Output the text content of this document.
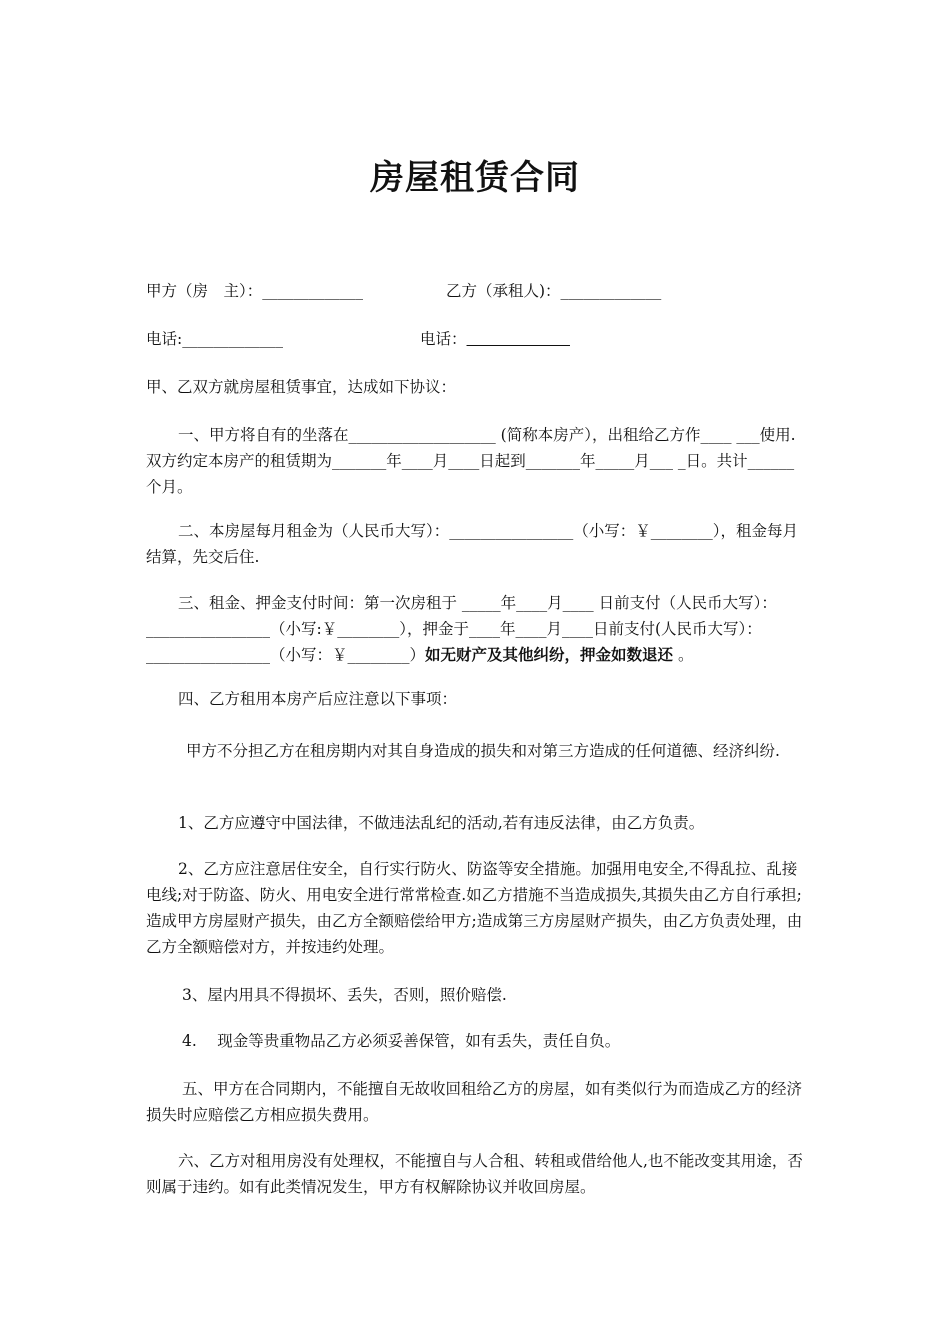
房屋租赁合同

甲方（房　主）：_____________	乙方（承租人)：_____________

电话:_____________	电话：

甲、乙双方就房屋租赁事宜，达成如下协议：

一、甲方将自有的坐落在___________________ (简称本房产），出租给乙方作____ ___使用.双方约定本房产的租赁期为_______年____月____日起到_______年_____月___ _日。共计______个月。

二、本房屋每月租金为（人民币大写）：________________（小写：￥________），租金每月结算，先交后住.

三、租金、押金支付时间：第一次房租于 _____年____月____ 日前支付（人民币大写）：________________（小写:￥________），押金于____年____月____日前支付(人民币大写）：________________（小写：￥________）如无财产及其他纠纷，押金如数退还 。

四、乙方租用本房产后应注意以下事项：

甲方不分担乙方在租房期内对其自身造成的损失和对第三方造成的任何道德、经济纠纷.

1、乙方应遵守中国法律，不做违法乱纪的活动,若有违反法律，由乙方负责。

2、乙方应注意居住安全，自行实行防火、防盗等安全措施。加强用电安全,不得乱拉、乱接电线;对于防盗、防火、用电安全进行常常检查.如乙方措施不当造成损失,其损失由乙方自行承担;造成甲方房屋财产损失，由乙方全额赔偿给甲方;造成第三方房屋财产损失，由乙方负责处理，由乙方全额赔偿对方，并按违约处理。

3、屋内用具不得损坏、丢失，否则，照价赔偿.

4.　 现金等贵重物品乙方必须妥善保管，如有丢失，责任自负。

五、甲方在合同期内，不能擅自无故收回租给乙方的房屋，如有类似行为而造成乙方的经济损失时应赔偿乙方相应损失费用。

六、乙方对租用房没有处理权，不能擅自与人合租、转租或借给他人,也不能改变其用途，否则属于违约。如有此类情况发生，甲方有权解除协议并收回房屋。
